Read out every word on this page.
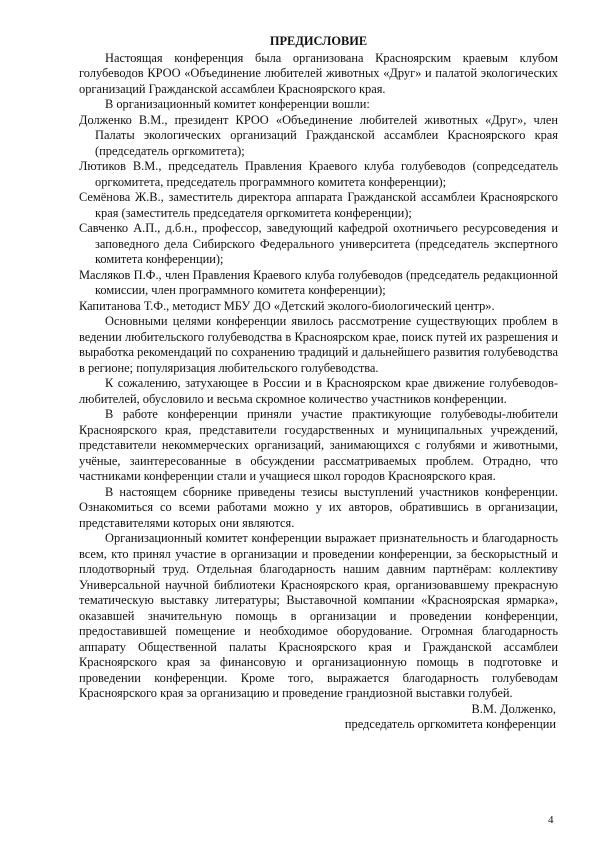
ПРЕДИСЛОВИЕ

Настоящая конференция была организована Красноярским краевым клубом голубеводов КРОО «Объединение любителей животных «Друг» и палатой экологических организаций Гражданской ассамблеи Красноярского края.

В организационный комитет конференции вошли:

Долженко В.М., президент КРОО «Объединение любителей животных «Друг», член Палаты экологических организаций Гражданской ассамблеи Красноярского края (председатель оргкомитета);

Лютиков В.М., председатель Правления Краевого клуба голубеводов (сопредседатель оргкомитета, председатель программного комитета конференции);

Семёнова Ж.В., заместитель директора аппарата Гражданской ассамблеи Красноярского края (заместитель председателя оргкомитета конференции);

Савченко А.П., д.б.н., профессор, заведующий кафедрой охотничьего ресурсоведения и заповедного дела Сибирского Федерального университета (председатель экспертного комитета конференции);

Масляков П.Ф., член Правления Краевого клуба голубеводов (председатель редакционной комиссии, член программного комитета конференции);

Капитанова Т.Ф., методист МБУ ДО «Детский эколого-биологический центр».

Основными целями конференции явилось рассмотрение существующих проблем в ведении любительского голубеводства в Красноярском крае, поиск путей их разрешения и выработка рекомендаций по сохранению традиций и дальнейшего развития голубеводства в регионе; популяризация любительского голубеводства.

К сожалению, затухающее в России и в Красноярском крае движение голубеводов-любителей, обусловило и весьма скромное количество участников конференции.

В работе конференции приняли участие практикующие голубеводы-любители Красноярского края, представители государственных и муниципальных учреждений, представители некоммерческих организаций, занимающихся с голубями и животными, учёные, заинтересованные в обсуждении рассматриваемых проблем. Отрадно, что частниками конференции стали и учащиеся школ городов Красноярского края.

В настоящем сборнике приведены тезисы выступлений участников конференции. Ознакомиться со всеми работами можно у их авторов, обратившись в организации, представителями которых они являются.

Организационный комитет конференции выражает признательность и благодарность всем, кто принял участие в организации и проведении конференции, за бескорыстный и плодотворный труд. Отдельная благодарность нашим давним партнёрам: коллективу Универсальной научной библиотеки Красноярского края, организовавшему прекрасную тематическую выставку литературы; Выставочной компании «Красноярская ярмарка», оказавшей значительную помощь в организации и проведении конференции, предоставившей помещение и необходимое оборудование. Огромная благодарность аппарату Общественной палаты Красноярского края и Гражданской ассамблеи Красноярского края за финансовую и организационную помощь в подготовке и проведении конференции. Кроме того, выражается благодарность голубеводам Красноярского края за организацию и проведение грандиозной выставки голубей.

В.М. Долженко,
председатель оргкомитета конференции
4
